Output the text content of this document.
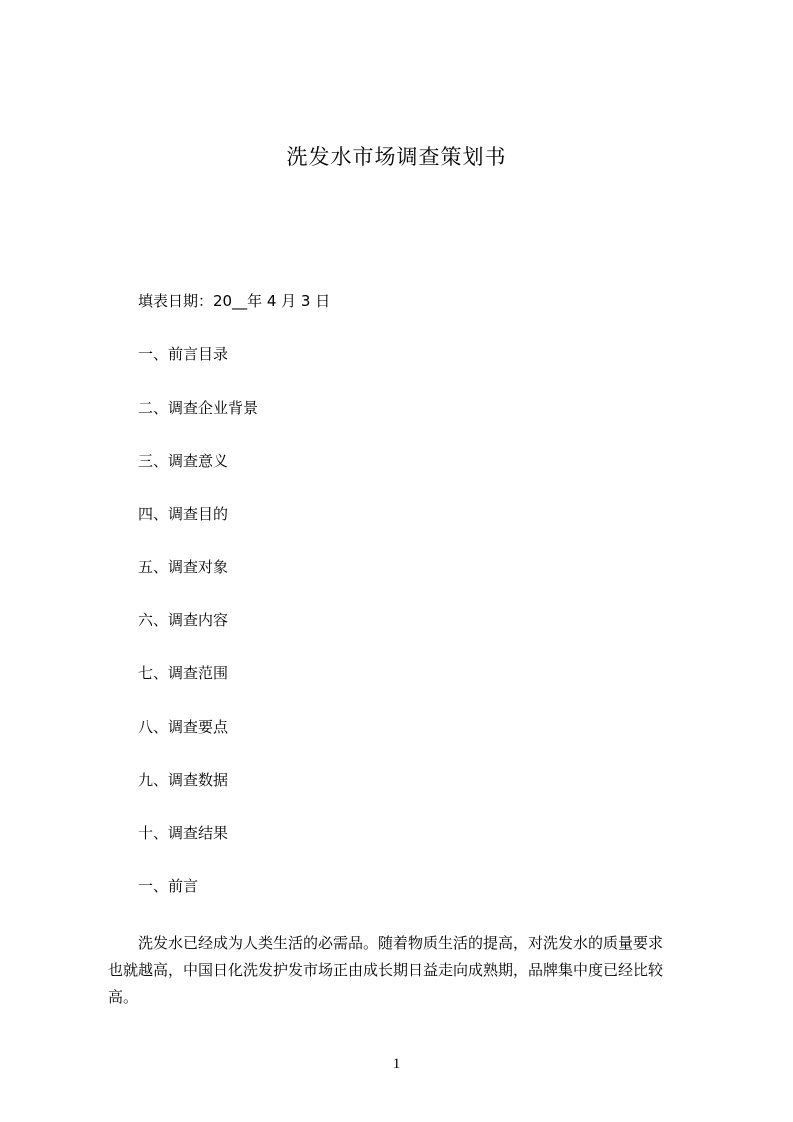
洗发水市场调查策划书
填表日期：20__年 4 月 3 日
一、前言目录
二、调查企业背景
三、调查意义
四、调查目的
五、调查对象
六、调查内容
七、调查范围
八、调查要点
九、调查数据
十、调查结果
一、前言
洗发水已经成为人类生活的必需品。随着物质生活的提高，对洗发水的质量要求
也就越高，中国日化洗发护发市场正由成长期日益走向成熟期，品牌集中度已经比较
高。
1
